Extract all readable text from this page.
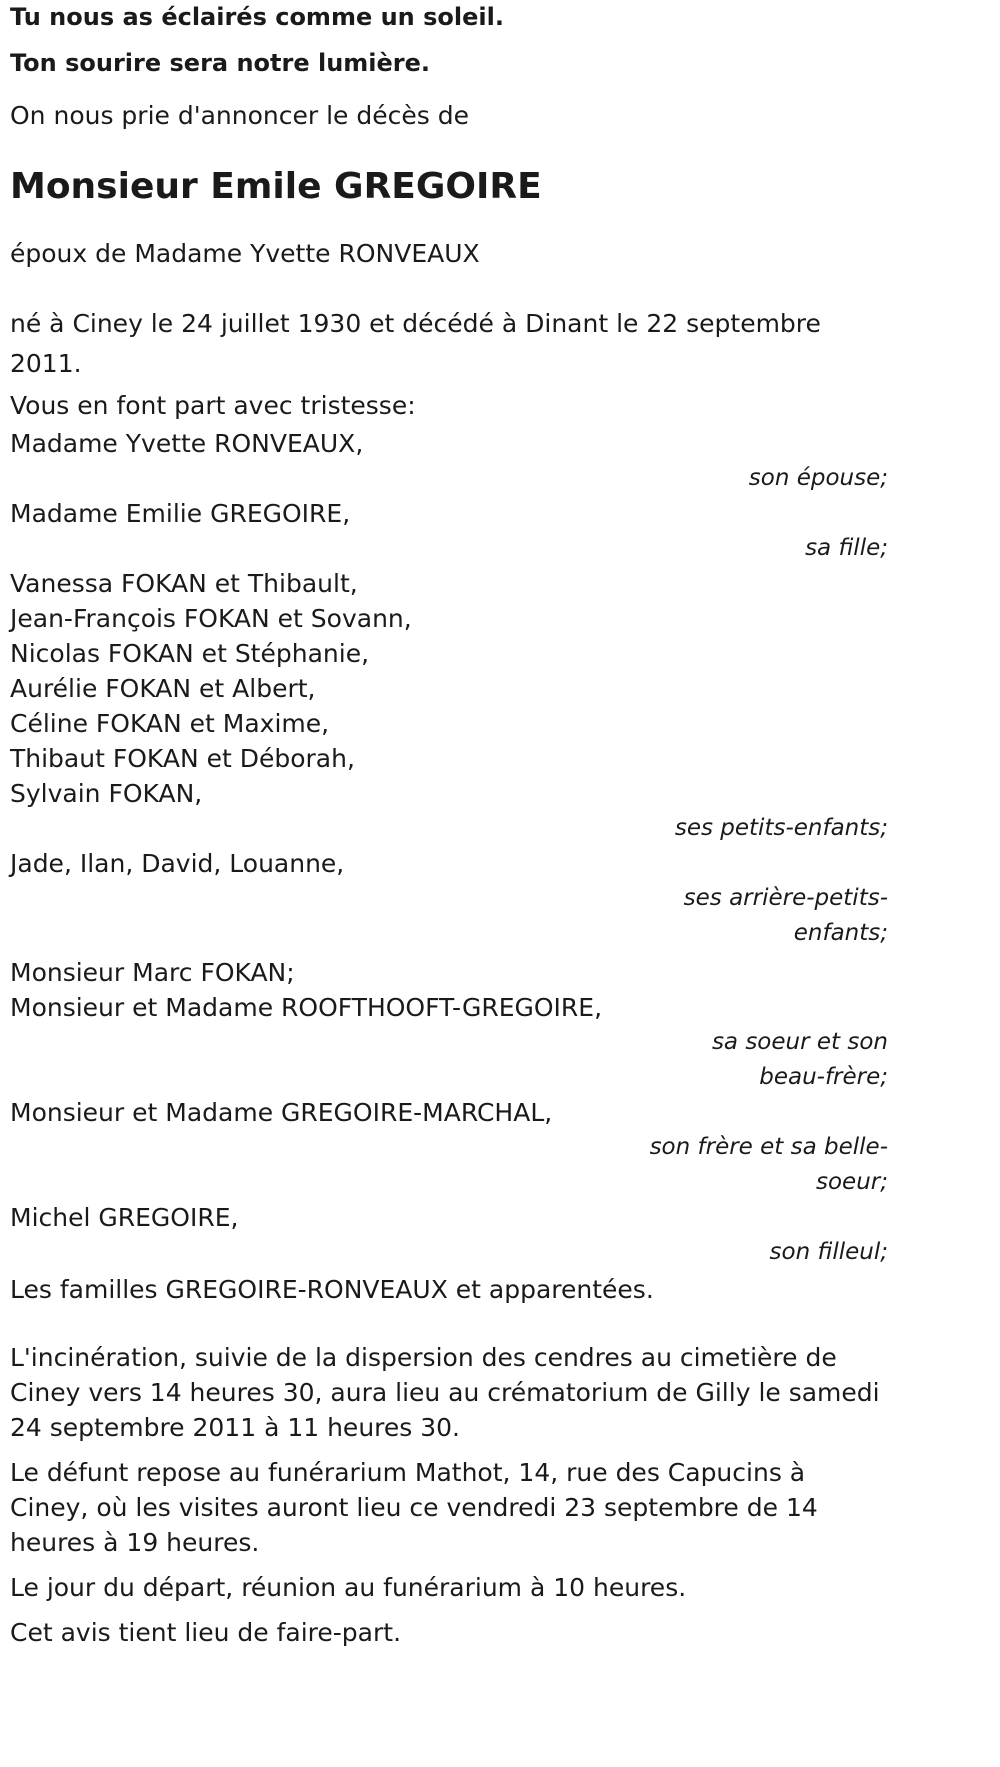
Tu nous as éclairés comme un soleil.
Ton sourire sera notre lumière.

On nous prie d'annoncer le décès de

Monsieur Emile GREGOIRE

époux de Madame Yvette RONVEAUX

né à Ciney le 24 juillet 1930 et décédé à Dinant le 22 septembre 2011.

Vous en font part avec tristesse:

Madame Yvette RONVEAUX,
son épouse;
Madame Emilie GREGOIRE,
sa fille;
Vanessa FOKAN et Thibault,
Jean-François FOKAN et Sovann,
Nicolas FOKAN et Stéphanie,
Aurélie FOKAN et Albert,
Céline FOKAN et Maxime,
Thibaut FOKAN et Déborah,
Sylvain FOKAN,
ses petits-enfants;
Jade, Ilan, David, Louanne,
ses arrière-petits-enfants;
Monsieur Marc FOKAN;
Monsieur et Madame ROOFTHOOFT-GREGOIRE,
sa soeur et son beau-frère;
Monsieur et Madame GREGOIRE-MARCHAL,
son frère et sa belle-soeur;
Michel GREGOIRE,
son filleul;

Les familles GREGOIRE-RONVEAUX et apparentées.

L'incinération, suivie de la dispersion des cendres au cimetière de Ciney vers 14 heures 30, aura lieu au crématorium de Gilly le samedi 24 septembre 2011 à 11 heures 30.

Le défunt repose au funérarium Mathot, 14, rue des Capucins à Ciney, où les visites auront lieu ce vendredi 23 septembre de 14 heures à 19 heures.

Le jour du départ, réunion au funérarium à 10 heures.

Cet avis tient lieu de faire-part.
